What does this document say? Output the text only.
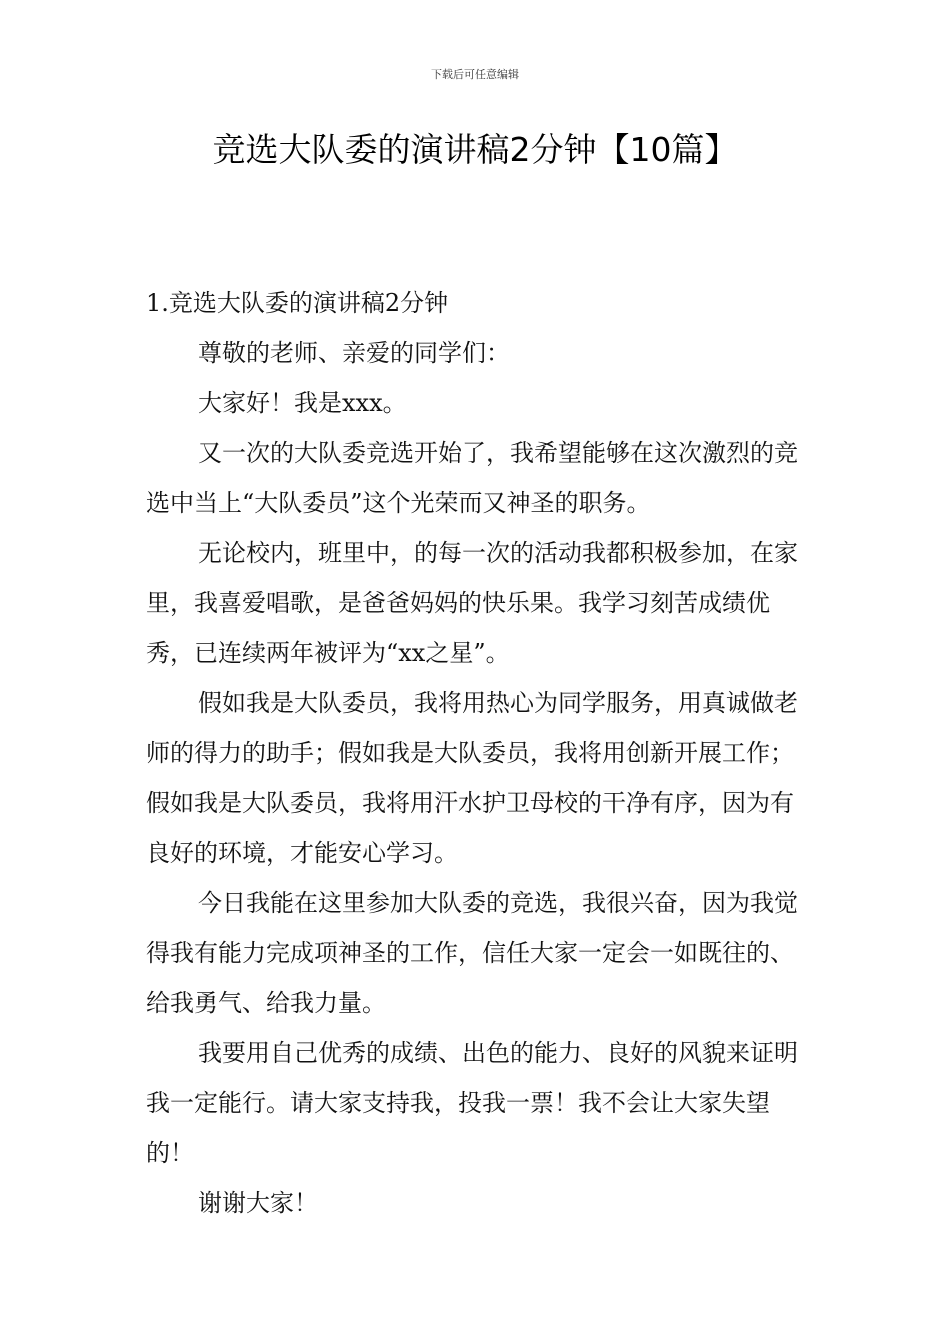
下载后可任意编辑
竞选大队委的演讲稿2分钟【10篇】

1.竞选大队委的演讲稿2分钟

尊敬的老师、亲爱的同学们：

大家好！我是xxx。

又一次的大队委竞选开始了，我希望能够在这次激烈的竞选中当上“大队委员”这个光荣而又神圣的职务。

无论校内，班里中，的每一次的活动我都积极参加，在家里，我喜爱唱歌，是爸爸妈妈的快乐果。我学习刻苦成绩优秀，已连续两年被评为“xx之星”。

假如我是大队委员，我将用热心为同学服务，用真诚做老师的得力的助手；假如我是大队委员，我将用创新开展工作；假如我是大队委员，我将用汗水护卫母校的干净有序，因为有良好的环境，才能安心学习。

今日我能在这里参加大队委的竞选，我很兴奋，因为我觉得我有能力完成项神圣的工作，信任大家一定会一如既往的、给我勇气、给我力量。

我要用自己优秀的成绩、出色的能力、良好的风貌来证明我一定能行。请大家支持我，投我一票！我不会让大家失望的！

谢谢大家！
